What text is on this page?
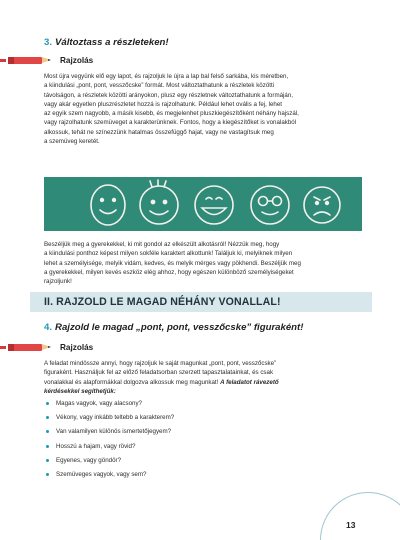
3. Változtass a részleteken!
Rajzolás
Most újra vegyünk elő egy lapot, és rajzoljuk le újra a lap bal felső sarkába, kis méretben,
a kiindulási „pont, pont, vesszőcske” formát. Most változtathatunk a részletek közötti
távolságon, a részletek közötti arányokon, plusz egy részletnek változtathatunk a formáján,
vagy akár egyetlen pluszrészletet hozzá is rajzolhatunk. Például lehet ovális a fej, lehet
az egyik szem nagyobb, a másik kisebb, és megjelenhet pluszkiegészítőként néhány hajszál,
vagy rajzolhatunk szemüveget a karakterünknek. Fontos, hogy a kiegészítőket is vonalakból
alkossuk, tehát ne színezzünk hatalmas összefüggő hajat, vagy ne vastagítsuk meg
a szemüveg keretét.
Beszéljük meg a gyerekekkel, ki mit gondol az elkészült alkotásról! Nézzük meg, hogy
a kiindulási ponthoz képest milyen sokféle karaktert alkottunk! Találjuk ki, melyiknek milyen
lehet a személyisége, melyik vidám, kedves, és melyik mérges vagy pökhendi. Beszéljük meg
a gyerekekkel, milyen kevés eszköz elég ahhoz, hogy egészen különböző személyiségeket
rajzoljunk!
II. RAJZOLD LE MAGAD NÉHÁNY VONALLAL!
4. Rajzold le magad „pont, pont, vesszőcske” figuraként!
Rajzolás
A feladat mindössze annyi, hogy rajzoljuk le saját magunkat „pont, pont, vesszőcske”
figuraként. Használjuk fel az előző feladatsorban szerzett tapasztalatainkat, és csak
vonalakkal és alapformákkal dolgozva alkossuk meg magunkat! A feladatot rávezető
kérdésekkel segíthetjük:
Magas vagyok, vagy alacsony?
Vékony, vagy inkább teltebb a karakterem?
Van valamilyen különös ismertetőjegyem?
Hosszú a hajam, vagy rövid?
Egyenes, vagy göndör?
Szemüveges vagyok, vagy sem?
13
